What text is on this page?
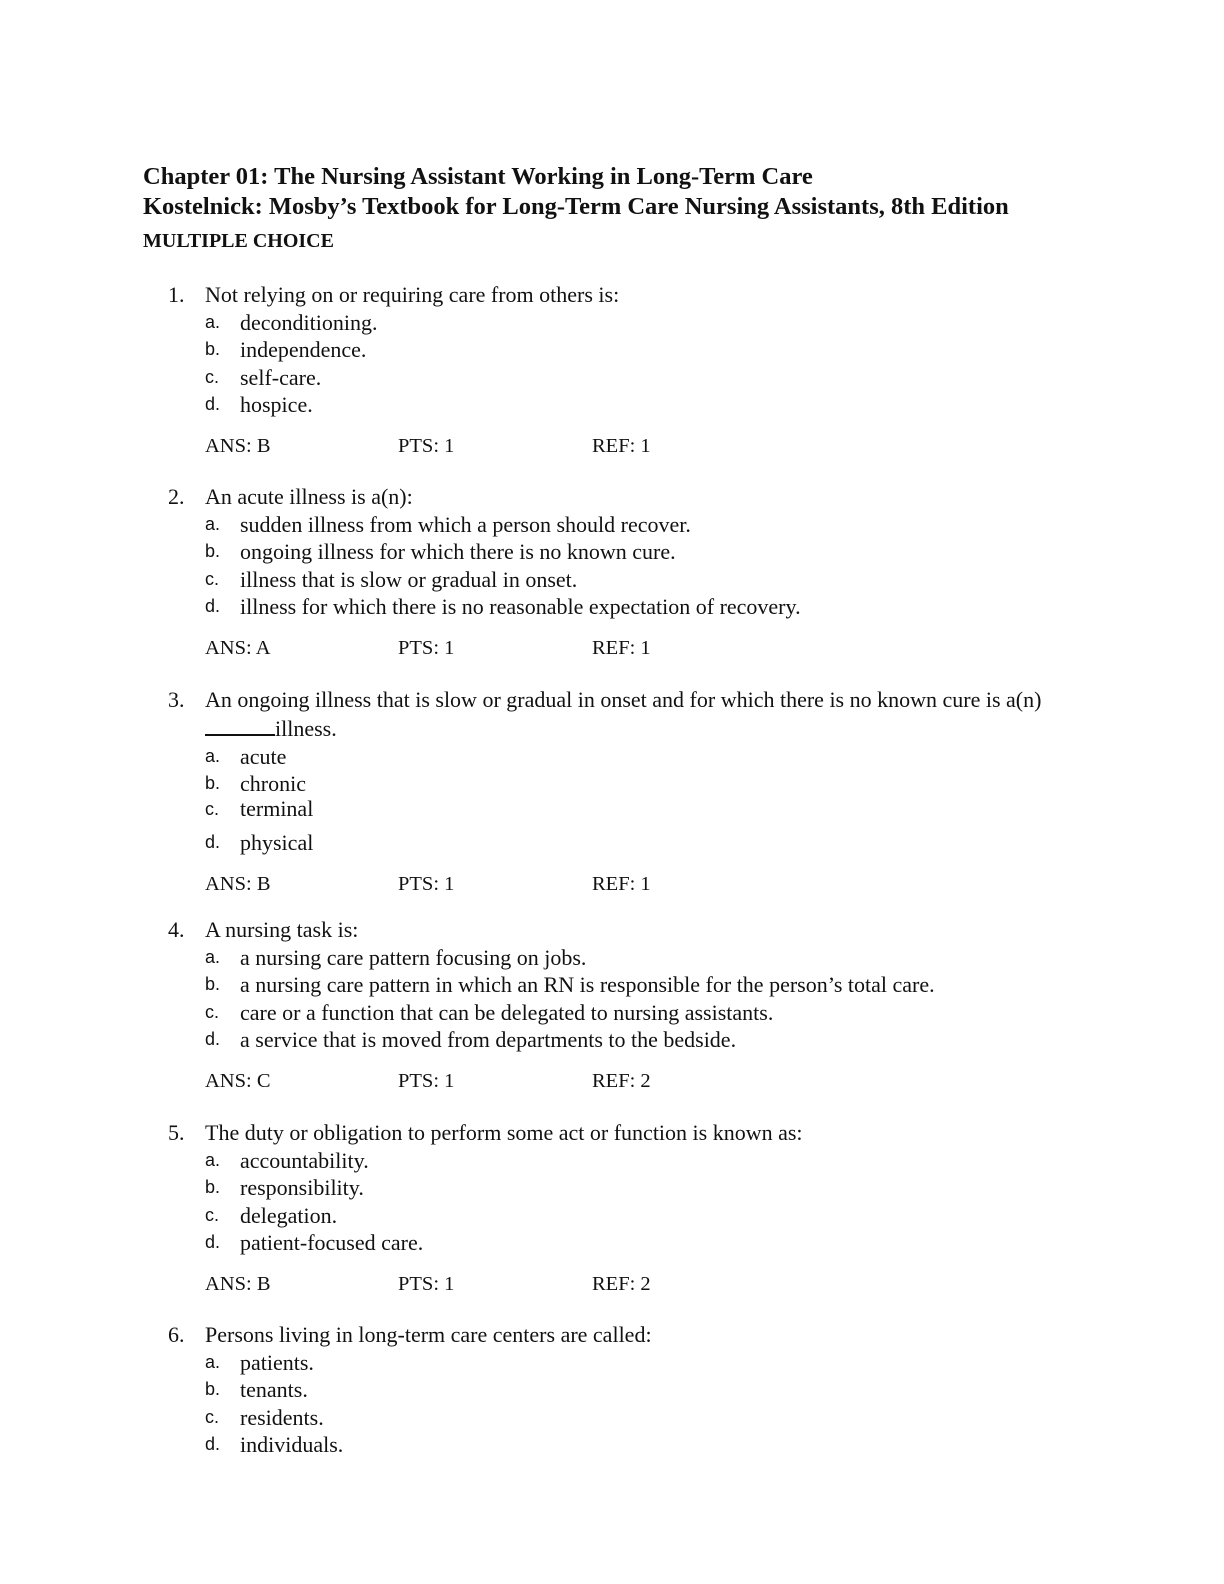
Chapter 01: The Nursing Assistant Working in Long-Term Care
Kostelnick: Mosby’s Textbook for Long-Term Care Nursing Assistants, 8th Edition
MULTIPLE CHOICE
1. Not relying on or requiring care from others is:
a. deconditioning.
b. independence.
c. self-care.
d. hospice.
ANS: B	PTS: 1	REF: 1
2. An acute illness is a(n):
a. sudden illness from which a person should recover.
b. ongoing illness for which there is no known cure.
c. illness that is slow or gradual in onset.
d. illness for which there is no reasonable expectation of recovery.
ANS: A	PTS: 1	REF: 1
3. An ongoing illness that is slow or gradual in onset and for which there is no known cure is a(n)illness.
a. acute
b. chronic
c. terminal
d. physical
ANS: B	PTS: 1	REF: 1
4. A nursing task is:
a. a nursing care pattern focusing on jobs.
b. a nursing care pattern in which an RN is responsible for the person’s total care.
c. care or a function that can be delegated to nursing assistants.
d. a service that is moved from departments to the bedside.
ANS: C	PTS: 1	REF: 2
5. The duty or obligation to perform some act or function is known as:
a. accountability.
b. responsibility.
c. delegation.
d. patient-focused care.
ANS: B	PTS: 1	REF: 2
6. Persons living in long-term care centers are called:
a. patients.
b. tenants.
c. residents.
d. individuals.
